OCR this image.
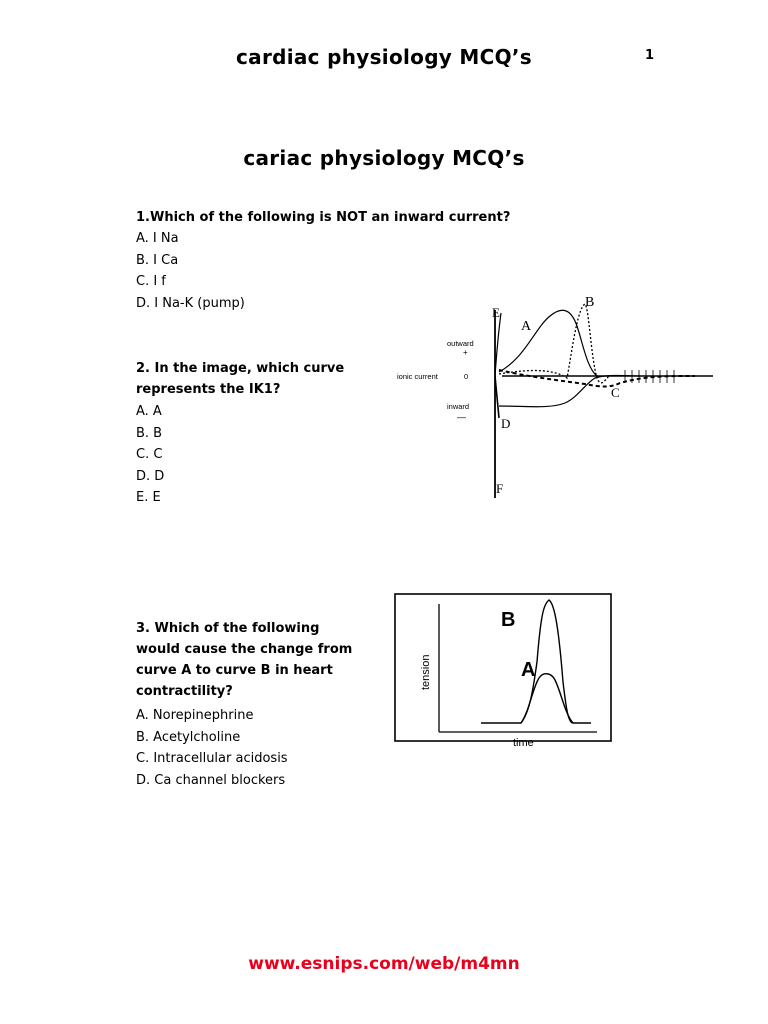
cardiac physiology MCQ’s	1
cariac physiology MCQ’s
1.Which of the following is NOT an inward current?
A. I Na
B. I Ca
C. I f
D. I Na-K (pump)
2. In the image, which curve represents the IK1?
A. A
B. B
C. C
D. D
E. E
outward
+
ionic current	0
inward
—
A
B
C
D
E
F
3. Which of the following would cause the change from curve A to curve B in heart contractility?
A. Norepinephrine
B. Acetylcholine
C. Intracellular acidosis
D. Ca channel blockers
B
A
tension
time
www.esnips.com/web/m4mn
